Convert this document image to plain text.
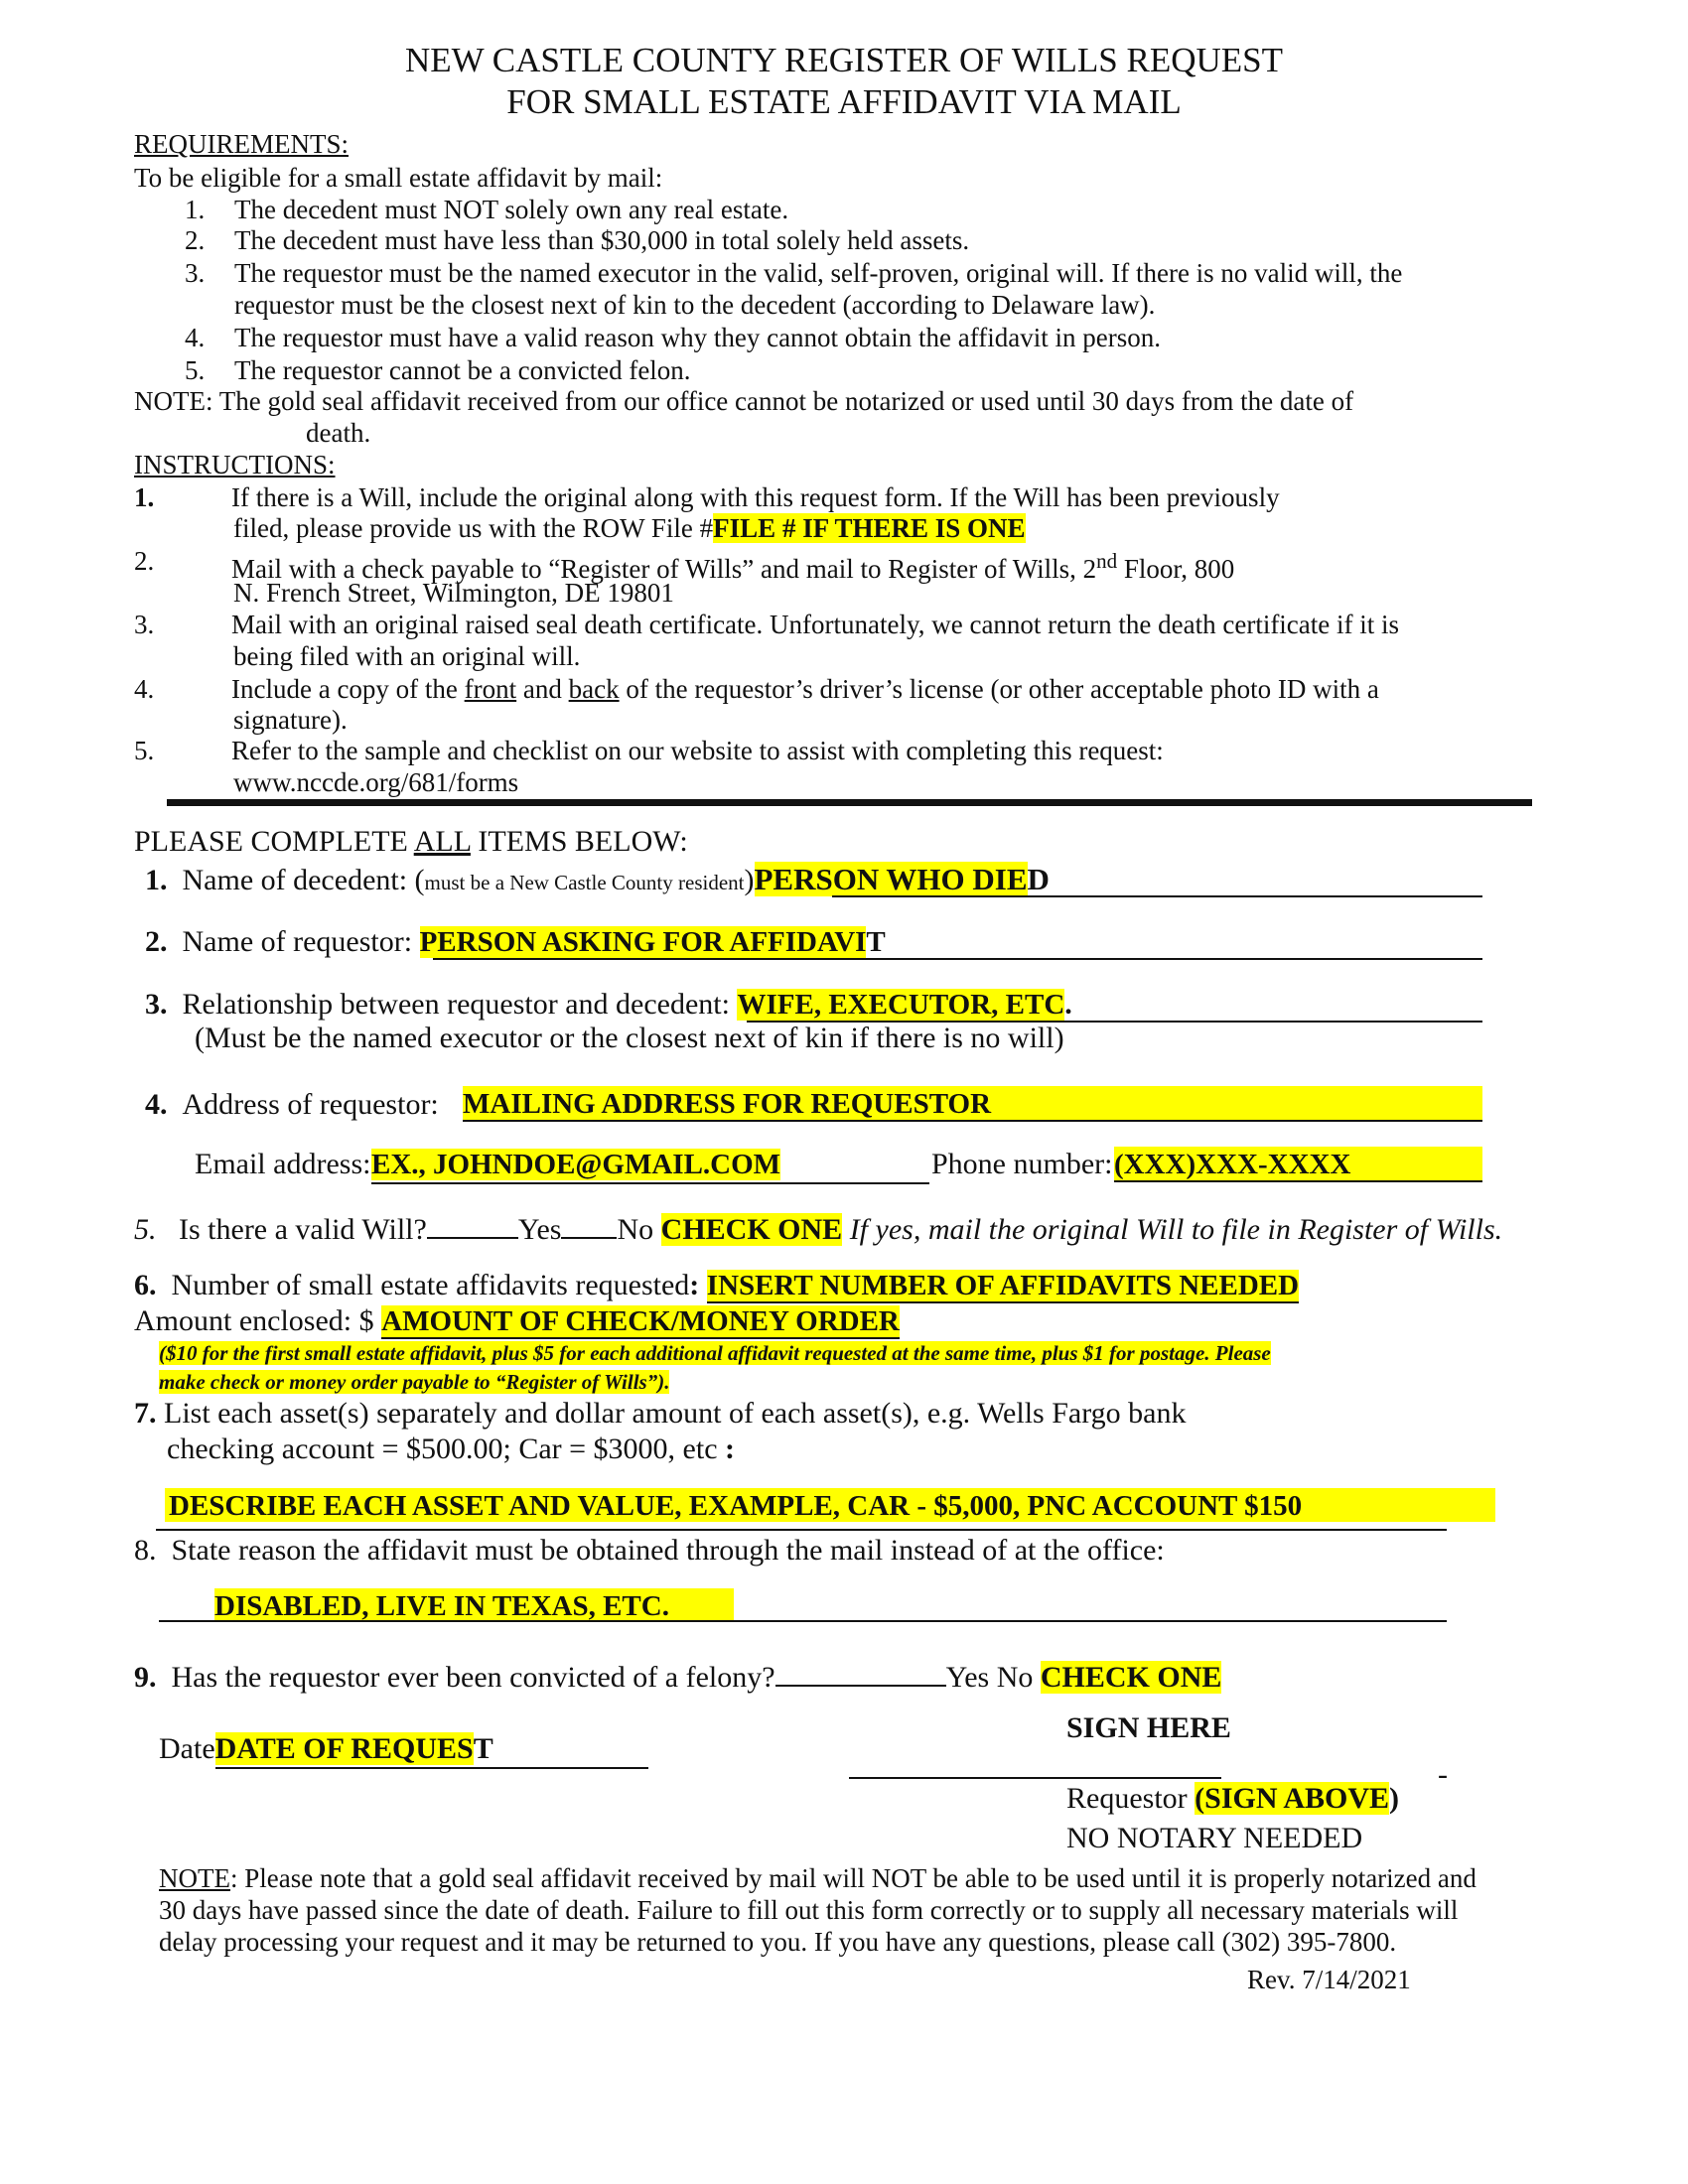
NEW CASTLE COUNTY REGISTER OF WILLS REQUEST
FOR SMALL ESTATE AFFIDAVIT VIA MAIL
REQUIREMENTS:
To be eligible for a small estate affidavit by mail:
1. The decedent must NOT solely own any real estate.
2. The decedent must have less than $30,000 in total solely held assets.
3. The requestor must be the named executor in the valid, self-proven, original will. If there is no valid will, the
requestor must be the closest next of kin to the decedent (according to Delaware law).
4. The requestor must have a valid reason why they cannot obtain the affidavit in person.
5. The requestor cannot be a convicted felon.
NOTE: The gold seal affidavit received from our office cannot be notarized or used until 30 days from the date of
death.
INSTRUCTIONS:
1.	If there is a Will, include the original along with this request form. If the Will has been previously
filed, please provide us with the ROW File #FILE # IF THERE IS ONE
2.	Mail with a check payable to “Register of Wills” and mail to Register of Wills, 2nd Floor, 800
N. French Street, Wilmington, DE 19801
3.	Mail with an original raised seal death certificate. Unfortunately, we cannot return the death certificate if it is
being filed with an original will.
4.	Include a copy of the front and back of the requestor’s driver’s license (or other acceptable photo ID with a
signature).
5.	Refer to the sample and checklist on our website to assist with completing this request:
www.nccde.org/681/forms
PLEASE COMPLETE ALL ITEMS BELOW:
1. Name of decedent: (must be a New Castle County resident)PERSON WHO DIED
2. Name of requestor: PERSON ASKING FOR AFFIDAVIT
3. Relationship between requestor and decedent: WIFE, EXECUTOR, ETC.
(Must be the named executor or the closest next of kin if there is no will)
4. Address of requestor: MAILING ADDRESS FOR REQUESTOR
Email address: EX., JOHNDOE@GMAIL.COM	Phone number: (XXX)XXX-XXXX
5. Is there a valid Will?	Yes No CHECK ONE If yes, mail the original Will to file in Register of Wills.
6. Number of small estate affidavits requested: INSERT NUMBER OF AFFIDAVITS NEEDED
Amount enclosed: $ AMOUNT OF CHECK/MONEY ORDER
($10 for the first small estate affidavit, plus $5 for each additional affidavit requested at the same time, plus $1 for postage. Please
make check or money order payable to “Register of Wills”).
7. List each asset(s) separately and dollar amount of each asset(s), e.g. Wells Fargo bank
checking account = $500.00; Car = $3000, etc :
DESCRIBE EACH ASSET AND VALUE, EXAMPLE, CAR - $5,000, PNC ACCOUNT $150
8. State reason the affidavit must be obtained through the mail instead of at the office:
DISABLED, LIVE IN TEXAS, ETC.
9. Has the requestor ever been convicted of a felony?	Yes No CHECK ONE
SIGN HERE
DateDATE OF REQUEST
-
Requestor (SIGN ABOVE)
NO NOTARY NEEDED
NOTE: Please note that a gold seal affidavit received by mail will NOT be able to be used until it is properly notarized and
30 days have passed since the date of death. Failure to fill out this form correctly or to supply all necessary materials will
delay processing your request and it may be returned to you. If you have any questions, please call (302) 395-7800.
Rev. 7/14/2021
